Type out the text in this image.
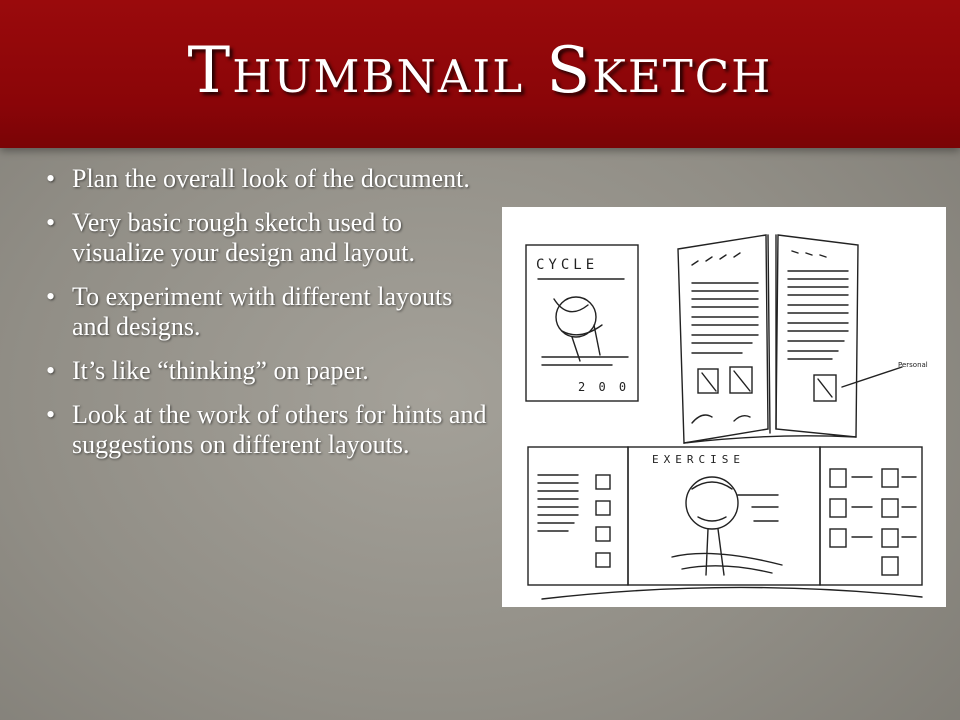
Thumbnail Sketch
• Plan the overall look of the document.
• Very basic rough sketch used to visualize your design and layout.
• To experiment with different layouts and designs.
• It’s like “thinking” on paper.
• Look at the work of others for hints and suggestions on different layouts.
CYCLE
2 0 0
Personal
EXERCISE
